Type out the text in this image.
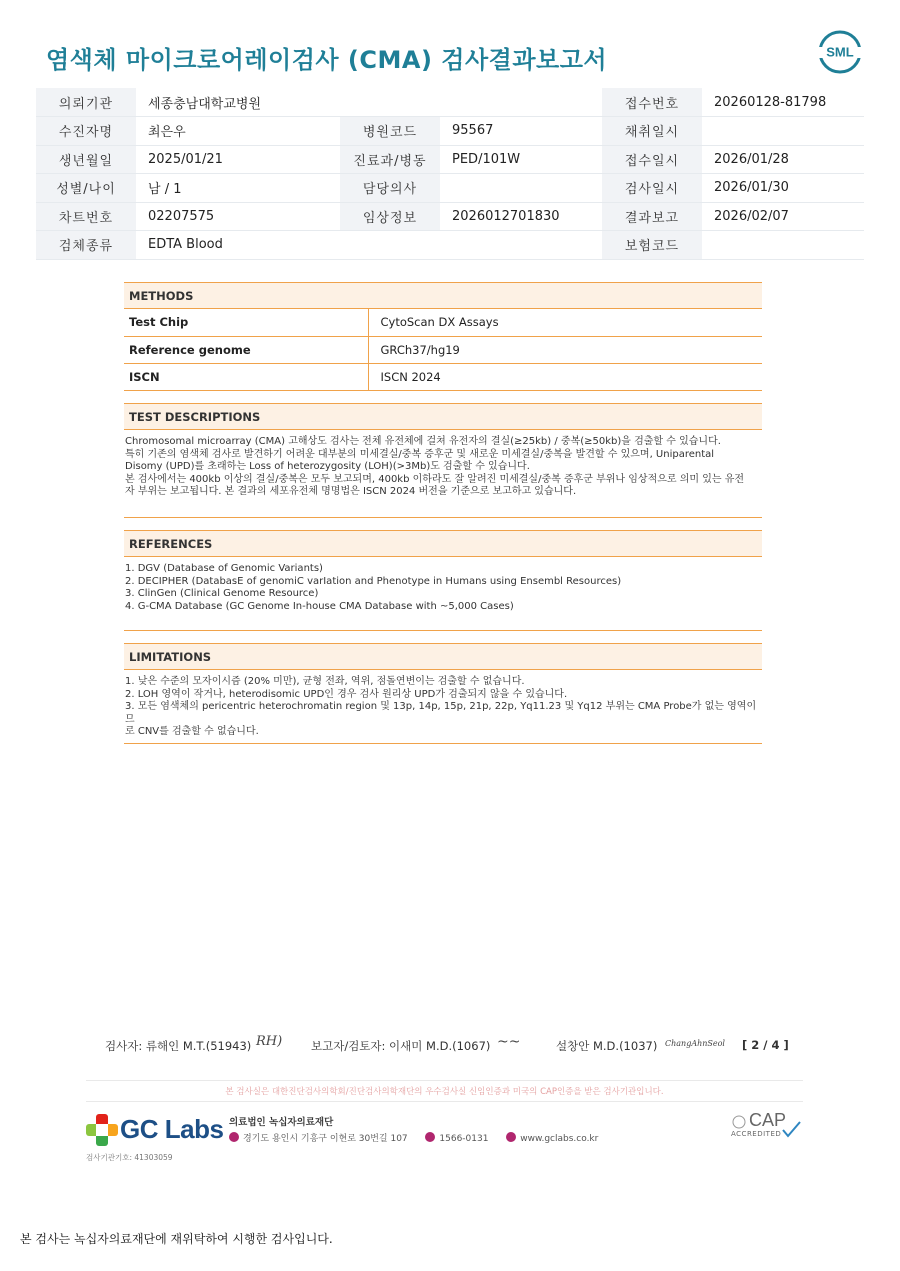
염색체 마이크로어레이검사 (CMA) 검사결과보고서	SML
의뢰기관	세종충남대학교병원			접수번호	20260128-81798
수진자명	최은우	병원코드	95567	채취일시	
생년월일	2025/01/21	진료과/병동	PED/101W	접수일시	2026/01/28
성별/나이	남 / 1	담당의사		검사일시	2026/01/30
차트번호	02207575	임상정보	2026012701830	결과보고	2026/02/07
검체종류	EDTA Blood			보험코드	
METHODS
Test Chip	CytoScan DX Assays
Reference genome	GRCh37/hg19
ISCN	ISCN 2024
TEST DESCRIPTIONS
Chromosomal microarray (CMA) 고해상도 검사는 전체 유전체에 걸쳐 유전자의 결실(≥25kb) / 중복(≥50kb)을 검출할 수 있습니다.
특히 기존의 염색체 검사로 발견하기 어려운 대부분의 미세결실/중복 증후군 및 새로운 미세결실/중복을 발견할 수 있으며, Uniparental
Disomy (UPD)를 초래하는 Loss of heterozygosity (LOH)(>3Mb)도 검출할 수 있습니다.
본 검사에서는 400kb 이상의 결실/중복은 모두 보고되며, 400kb 이하라도 잘 알려진 미세결실/중복 증후군 부위나 임상적으로 의미 있는 유전
자 부위는 보고됩니다. 본 결과의 세포유전체 명명법은 ISCN 2024 버전을 기준으로 보고하고 있습니다.
REFERENCES
1. DGV (Database of Genomic Variants)
2. DECIPHER (DatabasE of genomiC varIation and Phenotype in Humans using Ensembl Resources)
3. ClinGen (Clinical Genome Resource)
4. G-CMA Database (GC Genome In-house CMA Database with ~5,000 Cases)
LIMITATIONS
1. 낮은 수준의 모자이시즘 (20% 미만), 균형 전좌, 역위, 점돌연변이는 검출할 수 없습니다.
2. LOH 영역이 작거나, heterodisomic UPD인 경우 검사 원리상 UPD가 검출되지 않을 수 있습니다.
3. 모든 염색체의 pericentric heterochromatin region 및 13p, 14p, 15p, 21p, 22p, Yq11.23 및 Yq12 부위는 CMA Probe가 없는 영역이므
로 CNV를 검출할 수 없습니다.
검사자: 류해인 M.T.(51943) RH)	보고자/검토자: 이새미 M.D.(1067) ~~	설창안 M.D.(1037) ChangAhnSeol [ 2 / 4 ]
본 검사실은 대한진단검사의학회/진단검사의학재단의 우수검사실 신임인증과 미국의 CAP인증을 받은 검사기관입니다.
GC Labs 의료법인 녹십자의료재단
경기도 용인시 기흥구 이현로 30번길 107	1566-0131	www.gclabs.co.kr
검사기관기호: 41303059
CAP
ACCREDITED
본 검사는 녹십자의료재단에 재위탁하여 시행한 검사입니다.
